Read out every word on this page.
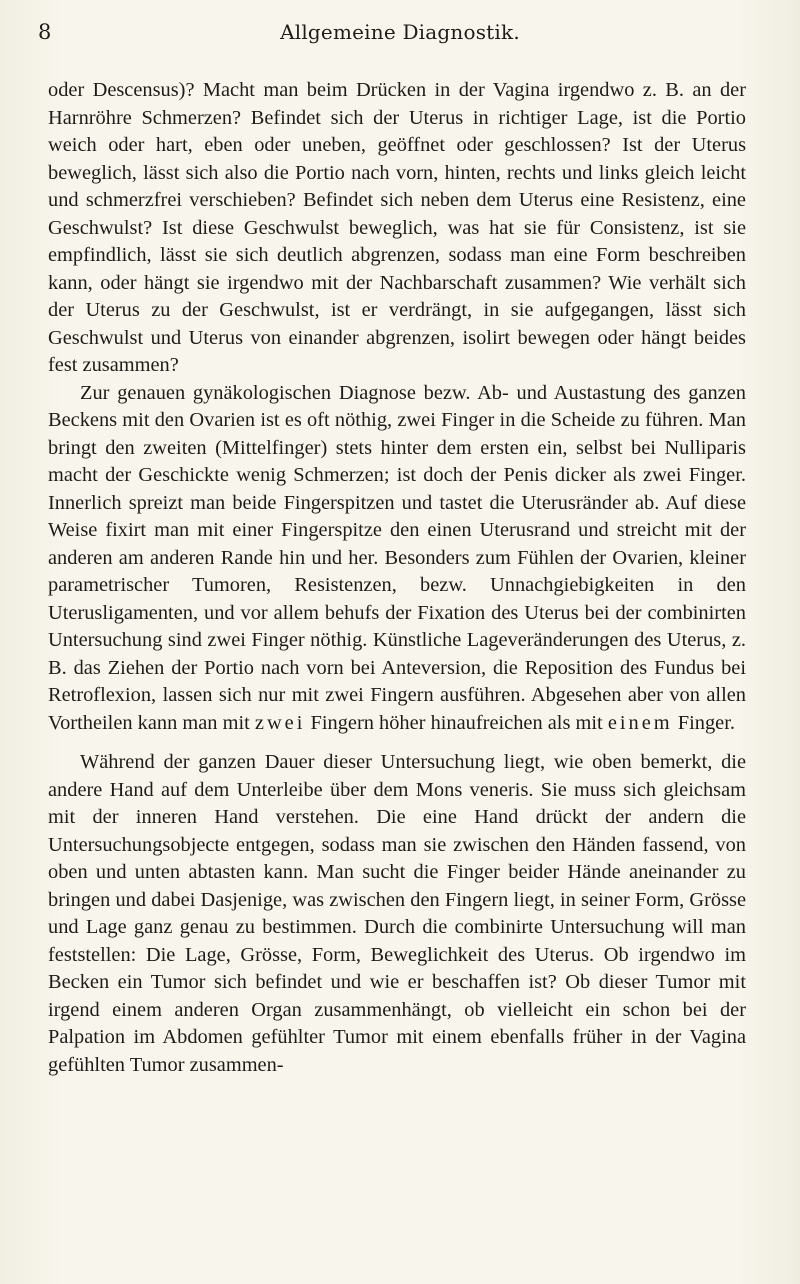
8	Allgemeine Diagnostik.

oder Descensus)? Macht man beim Drücken in der Vagina irgendwo z. B. an der Harnröhre Schmerzen? Befindet sich der Uterus in richtiger Lage, ist die Portio weich oder hart, eben oder uneben, geöffnet oder geschlossen? Ist der Uterus beweglich, lässt sich also die Portio nach vorn, hinten, rechts und links gleich leicht und schmerzfrei verschieben? Befindet sich neben dem Uterus eine Resistenz, eine Geschwulst? Ist diese Geschwulst beweglich, was hat sie für Consistenz, ist sie empfindlich, lässt sie sich deutlich abgrenzen, sodass man eine Form beschreiben kann, oder hängt sie irgendwo mit der Nachbarschaft zusammen? Wie verhält sich der Uterus zu der Geschwulst, ist er verdrängt, in sie aufgegangen, lässt sich Geschwulst und Uterus von einander abgrenzen, isolirt bewegen oder hängt beides fest zusammen?

Zur genauen gynäkologischen Diagnose bezw. Ab- und Austastung des ganzen Beckens mit den Ovarien ist es oft nöthig, zwei Finger in die Scheide zu führen. Man bringt den zweiten (Mittelfinger) stets hinter dem ersten ein, selbst bei Nulliparis macht der Geschickte wenig Schmerzen; ist doch der Penis dicker als zwei Finger. Innerlich spreizt man beide Fingerspitzen und tastet die Uterusränder ab. Auf diese Weise fixirt man mit einer Fingerspitze den einen Uterusrand und streicht mit der anderen am anderen Rande hin und her. Besonders zum Fühlen der Ovarien, kleiner parametrischer Tumoren, Resistenzen, bezw. Unnachgiebigkeiten in den Uterusligamenten, und vor allem behufs der Fixation des Uterus bei der combinirten Untersuchung sind zwei Finger nöthig. Künstliche Lageveränderungen des Uterus, z. B. das Ziehen der Portio nach vorn bei Anteversion, die Reposition des Fundus bei Retroflexion, lassen sich nur mit zwei Fingern ausführen. Abgesehen aber von allen Vortheilen kann man mit zwei Fingern höher hinaufreichen als mit einem Finger.

Während der ganzen Dauer dieser Untersuchung liegt, wie oben bemerkt, die andere Hand auf dem Unterleibe über dem Mons veneris. Sie muss sich gleichsam mit der inneren Hand verstehen. Die eine Hand drückt der andern die Untersuchungsobjecte entgegen, sodass man sie zwischen den Händen fassend, von oben und unten abtasten kann. Man sucht die Finger beider Hände aneinander zu bringen und dabei Dasjenige, was zwischen den Fingern liegt, in seiner Form, Grösse und Lage ganz genau zu bestimmen. Durch die combinirte Untersuchung will man feststellen: Die Lage, Grösse, Form, Beweglichkeit des Uterus. Ob irgendwo im Becken ein Tumor sich befindet und wie er beschaffen ist? Ob dieser Tumor mit irgend einem anderen Organ zusammenhängt, ob vielleicht ein schon bei der Palpation im Abdomen gefühlter Tumor mit einem ebenfalls früher in der Vagina gefühlten Tumor zusammen-
